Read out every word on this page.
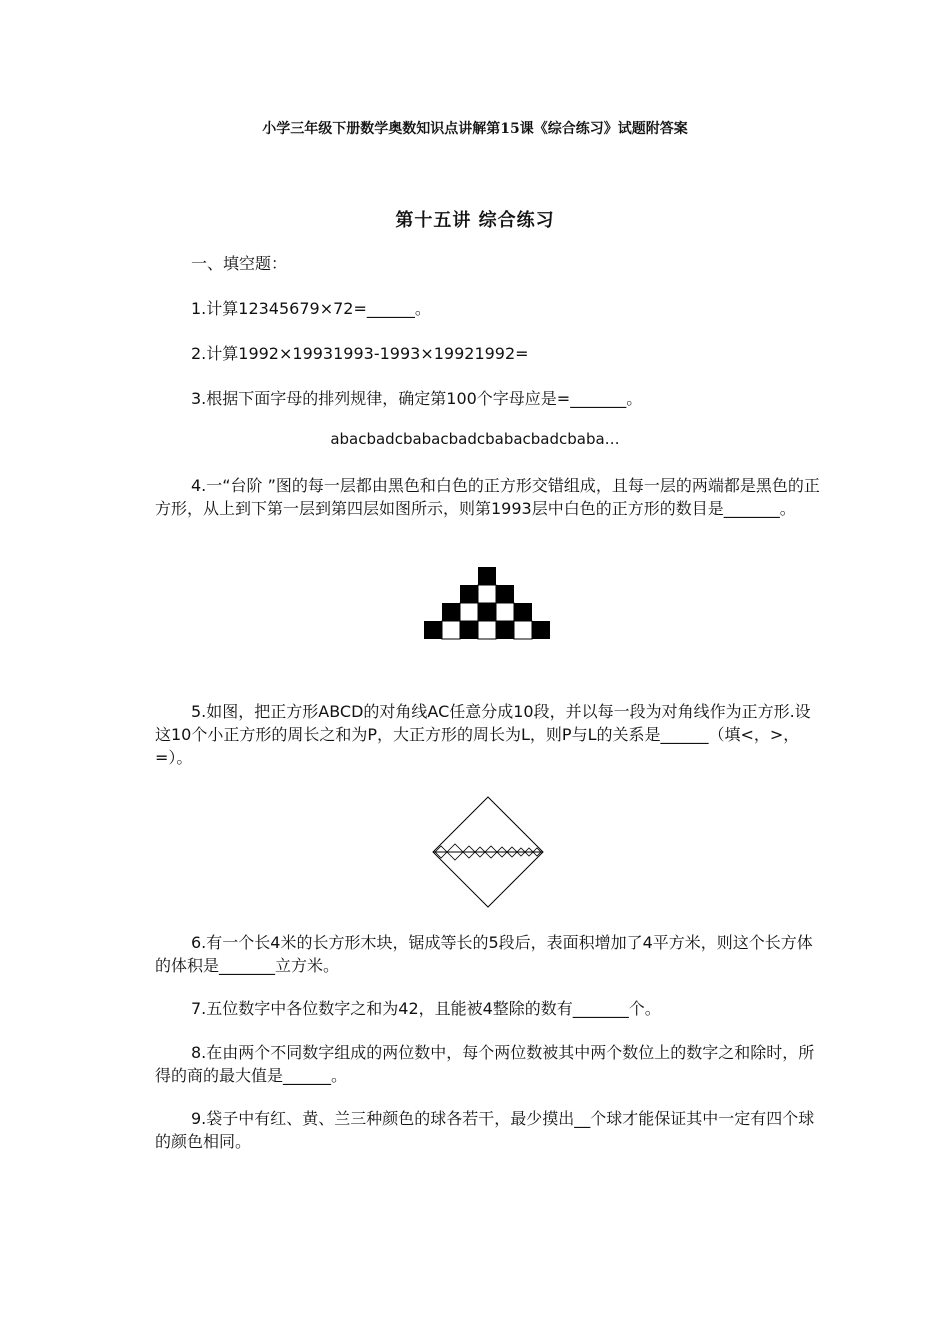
小学三年级下册数学奥数知识点讲解第15课《综合练习》试题附答案
第十五讲 综合练习

一、填空题：

1.计算12345679×72=______。

2.计算1992×19931993-1993×19921992=

3.根据下面字母的排列规律，确定第100个字母应是=_______。

abacbadcbabacbadcbabacbadcbaba…

4.一“台阶 ”图的每一层都由黑色和白色的正方形交错组成，且每一层的两端都是黑色的正方形，从上到下第一层到第四层如图所示，则第1993层中白色的正方形的数目是_______。

5.如图，把正方形ABCD的对角线AC任意分成10段，并以每一段为对角线作为正方形.设这10个小正方形的周长之和为P，大正方形的周长为L，则P与L的关系是______（填<，>，=）。

6.有一个长4米的长方形木块，锯成等长的5段后，表面积增加了4平方米，则这个长方体的体积是_______立方米。

7.五位数字中各位数字之和为42，且能被4整除的数有_______个。

8.在由两个不同数字组成的两位数中，每个两位数被其中两个数位上的数字之和除时，所得的商的最大值是______。

9.袋子中有红、黄、兰三种颜色的球各若干，最少摸出__个球才能保证其中一定有四个球的颜色相同。
